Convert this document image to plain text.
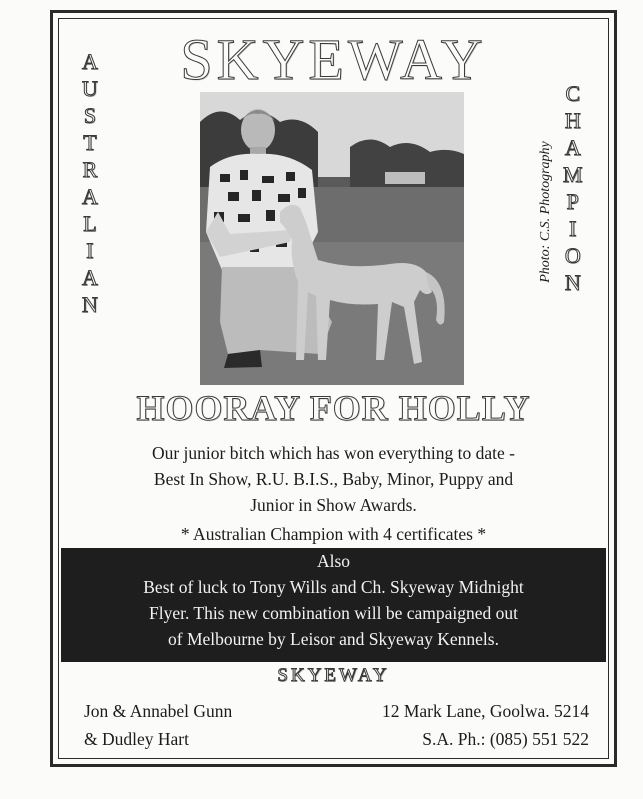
SKYEWAY
A
U
S
T
R
A
L
I
A
N
C
H
A
M
P
I
O
N
Photo: C.S. Photography
HOORAY FOR HOLLY
Our junior bitch which has won everything to date -
Best In Show, R.U. B.I.S., Baby, Minor, Puppy and
Junior in Show Awards.
* Australian Champion with 4 certificates *
Also
Best of luck to Tony Wills and Ch. Skyeway Midnight
Flyer. This new combination will be campaigned out
of Melbourne by Leisor and Skyeway Kennels.
SKYEWAY
Jon & Annabel Gunn
& Dudley Hart
12 Mark Lane, Goolwa. 5214
S.A. Ph.: (085) 551 522
